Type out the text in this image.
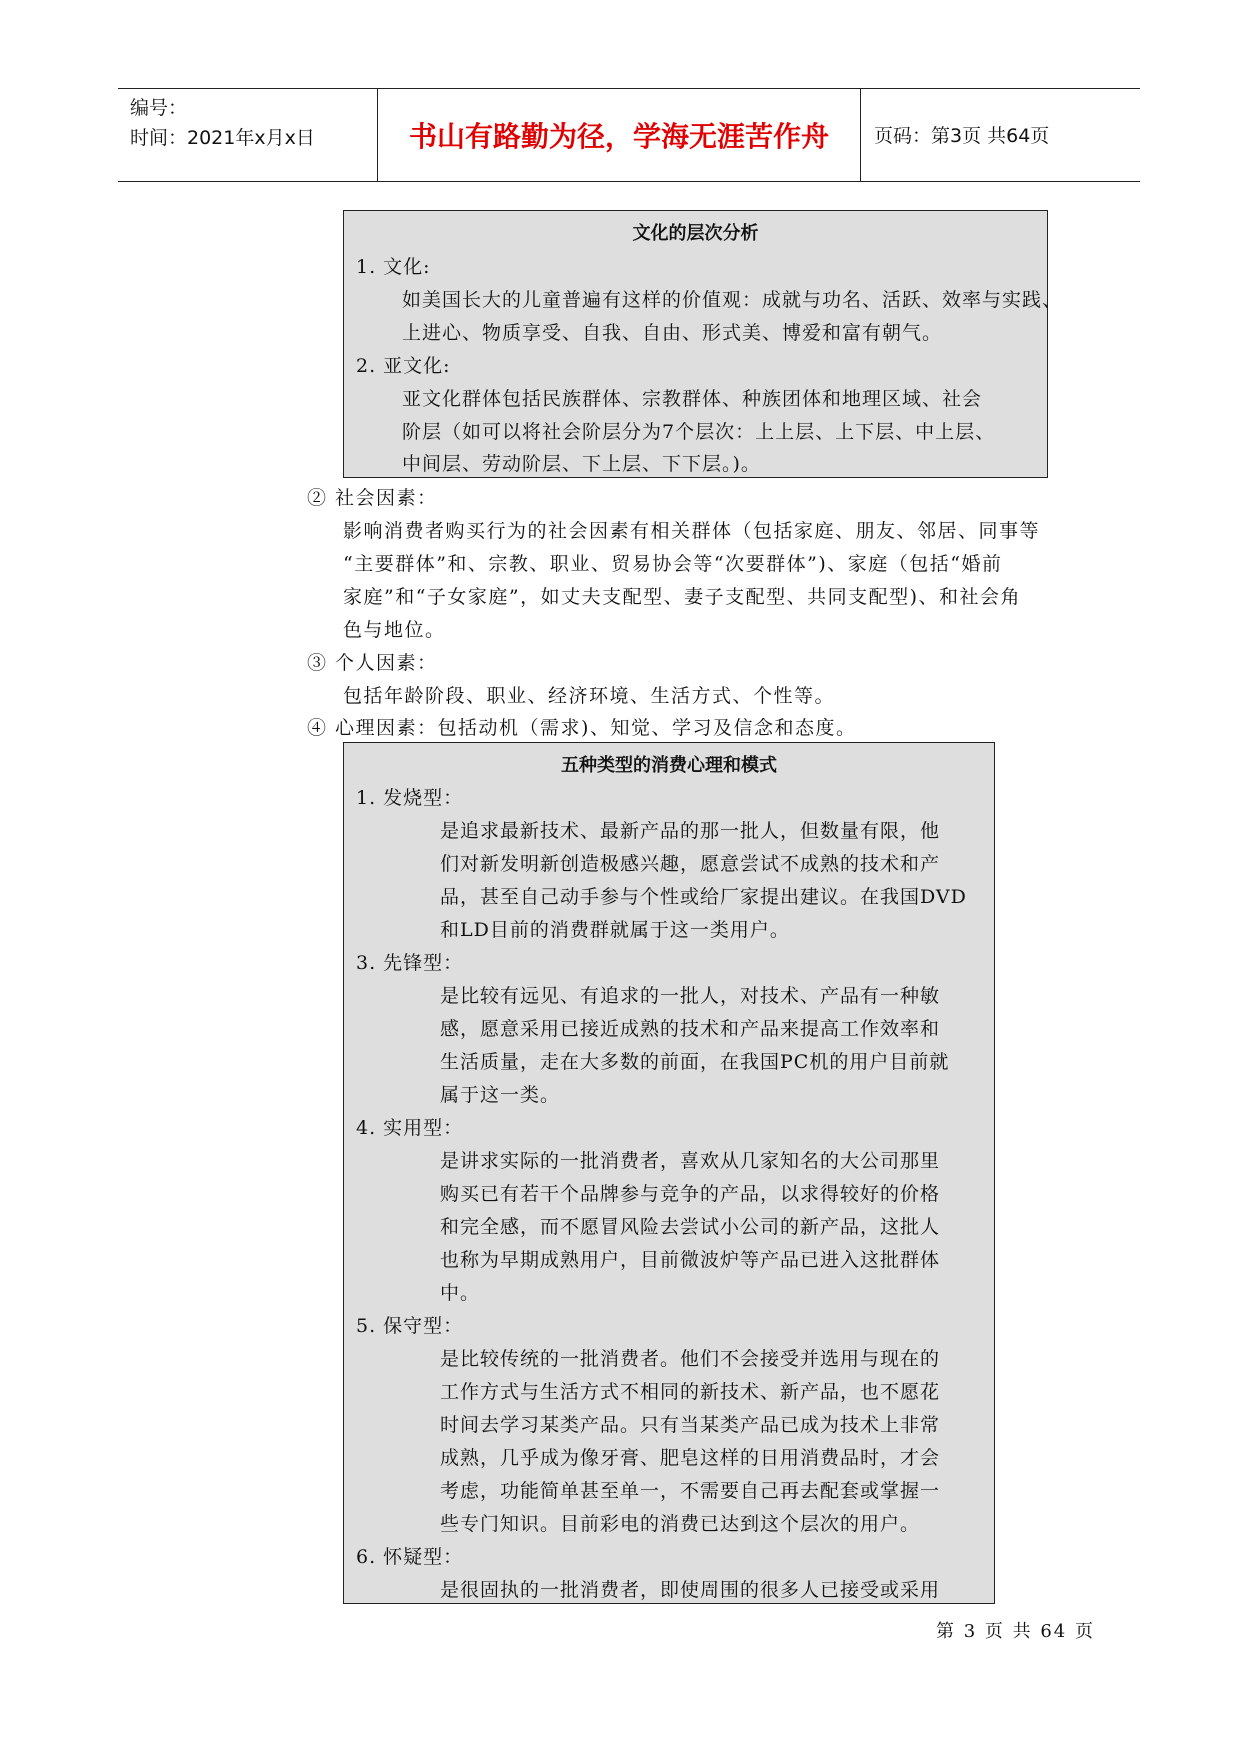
编号：
时间：2021年x月x日	书山有路勤为径，学海无涯苦作舟	页码：第3页 共64页
文化的层次分析
1. 文化:
如美国长大的儿童普遍有这样的价值观：成就与功名、活跃、效率与实践、
上进心、物质享受、自我、自由、形式美、博爱和富有朝气。
2. 亚文化:
亚文化群体包括民族群体、宗教群体、种族团体和地理区域、社会
阶层（如可以将社会阶层分为7个层次：上上层、上下层、中上层、
中间层、劳动阶层、下上层、下下层。)。
② 社会因素：
影响消费者购买行为的社会因素有相关群体（包括家庭、朋友、邻居、同事等
“主要群体”和、宗教、职业、贸易协会等“次要群体”)、家庭（包括“婚前
家庭”和“子女家庭”，如丈夫支配型、妻子支配型、共同支配型)、和社会角
色与地位。
③ 个人因素：
包括年龄阶段、职业、经济环境、生活方式、个性等。
④ 心理因素：包括动机（需求)、知觉、学习及信念和态度。
五种类型的消费心理和模式
1. 发烧型：
是追求最新技术、最新产品的那一批人，但数量有限，他
们对新发明新创造极感兴趣，愿意尝试不成熟的技术和产
品，甚至自己动手参与个性或给厂家提出建议。在我国DVD
和LD目前的消费群就属于这一类用户。
3. 先锋型：
是比较有远见、有追求的一批人，对技术、产品有一种敏
感，愿意采用已接近成熟的技术和产品来提高工作效率和
生活质量，走在大多数的前面，在我国PC机的用户目前就
属于这一类。
4. 实用型：
是讲求实际的一批消费者，喜欢从几家知名的大公司那里
购买已有若干个品牌参与竞争的产品，以求得较好的价格
和完全感，而不愿冒风险去尝试小公司的新产品，这批人
也称为早期成熟用户，目前微波炉等产品已进入这批群体
中。
5. 保守型：
是比较传统的一批消费者。他们不会接受并选用与现在的
工作方式与生活方式不相同的新技术、新产品，也不愿花
时间去学习某类产品。只有当某类产品已成为技术上非常
成熟，几乎成为像牙膏、肥皂这样的日用消费品时，才会
考虑，功能简单甚至单一，不需要自己再去配套或掌握一
些专门知识。目前彩电的消费已达到这个层次的用户。
6. 怀疑型：
是很固执的一批消费者，即使周围的很多人已接受或采用
第 3 页 共 64 页
